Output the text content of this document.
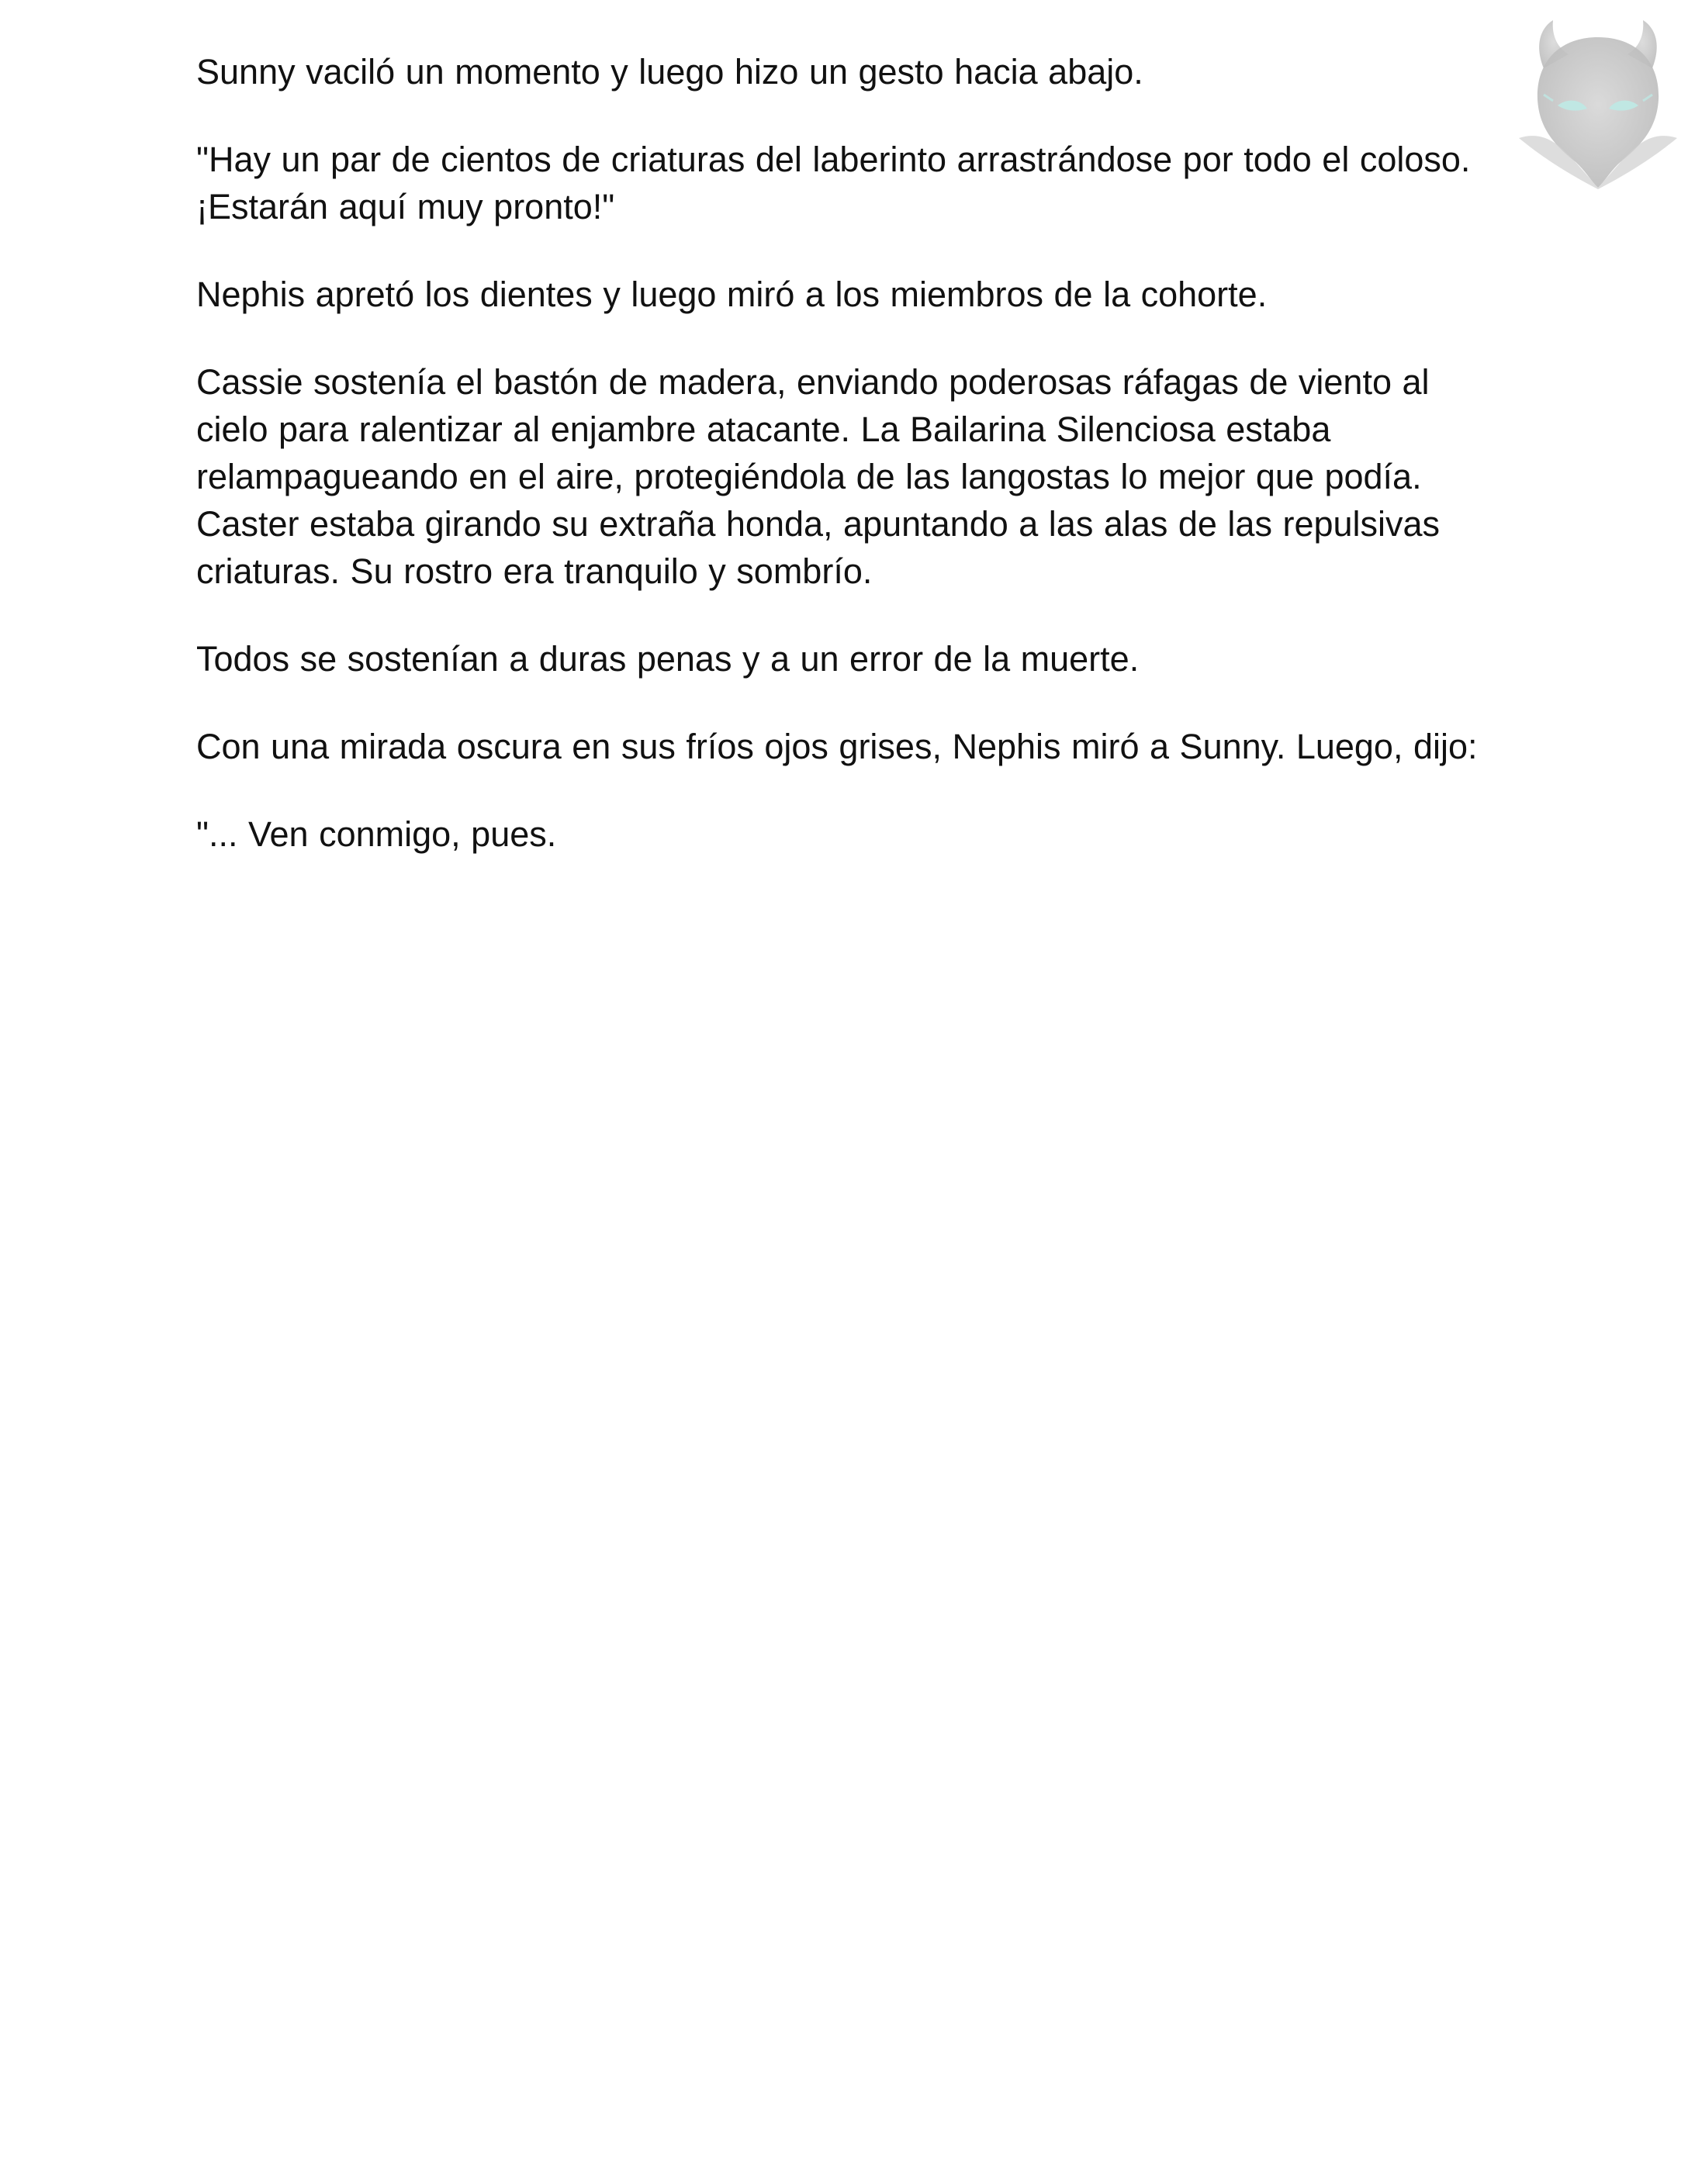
Sunny vaciló un momento y luego hizo un gesto hacia abajo.

"Hay un par de cientos de criaturas del laberinto arrastrándose por todo el coloso. ¡Estarán aquí muy pronto!"

Nephis apretó los dientes y luego miró a los miembros de la cohorte.

Cassie sostenía el bastón de madera, enviando poderosas ráfagas de viento al cielo para ralentizar al enjambre atacante. La Bailarina Silenciosa estaba relampagueando en el aire, protegiéndola de las langostas lo mejor que podía. Caster estaba girando su extraña honda, apuntando a las alas de las repulsivas criaturas. Su rostro era tranquilo y sombrío.

Todos se sostenían a duras penas y a un error de la muerte.

Con una mirada oscura en sus fríos ojos grises, Nephis miró a Sunny. Luego, dijo:

"... Ven conmigo, pues.
